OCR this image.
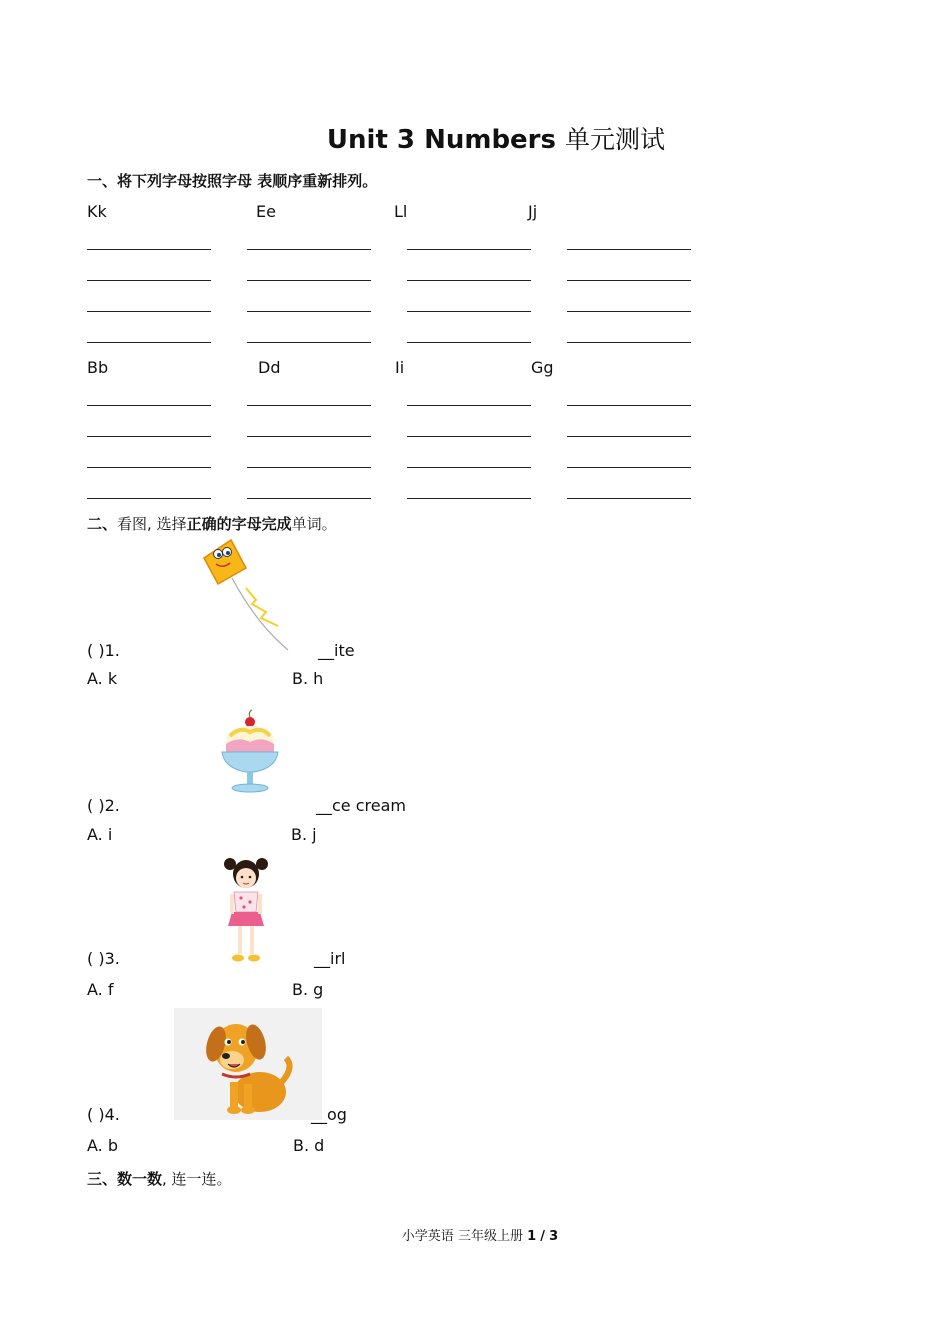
Unit 3 Numbers 单元测试
一、将下列字母按照字母 表顺序重新排列。
Kk	Ee	Ll	Jj
Bb	Dd	Ii	Gg
二、看图, 选择正确的字母完成单词。
( )1.	__ite
A. k	B. h
( )2.	__ce cream
A. i	B. j
( )3.	__irl
A. f	B. g
( )4.	__og
A. b	B. d
三、数一数, 连一连。
小学英语 三年级上册 1 / 3
